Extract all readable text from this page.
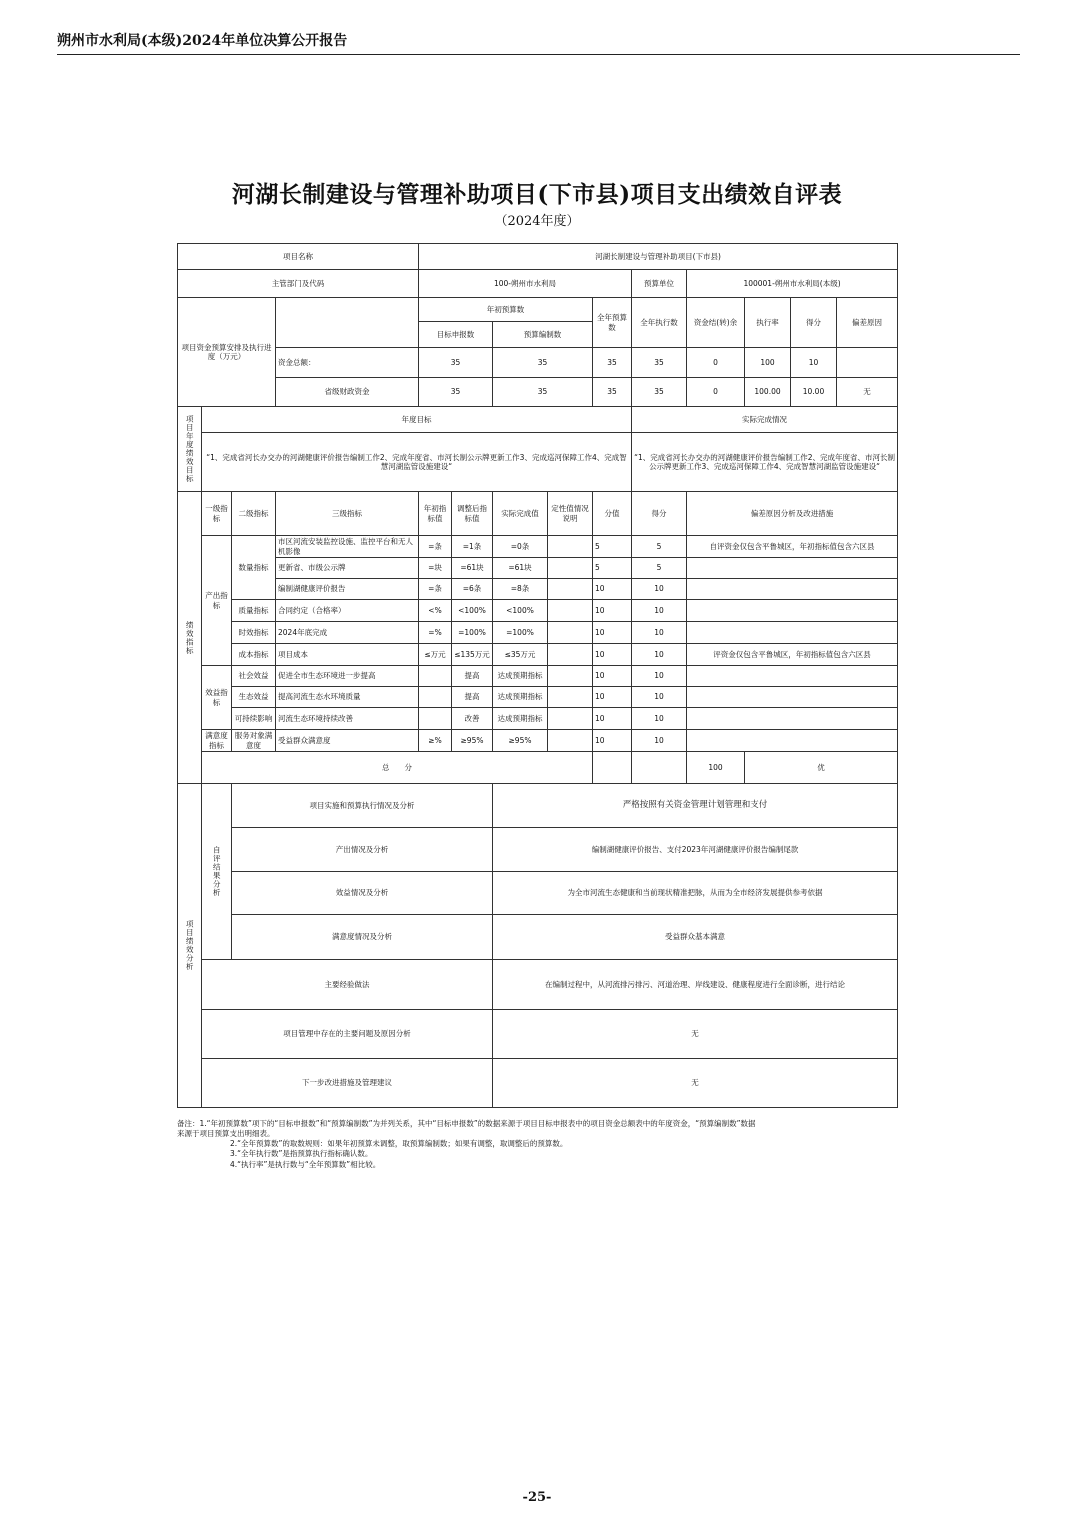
朔州市水利局(本级)2024年单位决算公开报告
河湖长制建设与管理补助项目(下市县)项目支出绩效自评表
（2024年度）
项目名称				河湖长制建设与管理补助项目(下市县)									
主管部门及代码				100-朔州市水利局					预算单位	100001-朔州市水利局(本级)			
项目资金预算安排及执行进度（万元）				年初预算数				全年预算数	全年执行数	资金结(转)余	执行率	得分	偏差原因
				目标申报数		预算编制数							
			资金总额：	35		35		35	35	0	100	10	
			省级财政资金	35		35		35	35	0	100.00	10.00	无
项目年度绩效目标	年度目标								实际完成情况				
	“1、完成省河长办交办的河湖健康评价报告编制工作2、完成年度省、市河长制公示牌更新工作3、完成巡河保障工作4、完成智慧河湖监管设施建设“								“1、完成省河长办交办的河湖健康评价报告编制工作2、完成年度省、市河长制公示牌更新工作3、完成巡河保障工作4、完成智慧河湖监管设施建设“				
绩效指标	一级指标	二级指标	三级指标	年初指标值	调整后指标值	实际完成值	定性值情况说明	分值	得分	偏差原因分析及改进措施			
	产出指标	数量指标	市区河流安装监控设施、监控平台和无人机影像	=条	=1条	=0条		5	5	自评资金仅包含平鲁城区，年初指标值包含六区县			
			更新省、市级公示牌	=块	=61块	=61块		5	5				
			编制湖健康评价报告	=条	=6条	=8条		10	10				
		质量指标	合同约定（合格率）	<%	<100%	<100%		10	10				
		时效指标	2024年底完成	=%	=100%	=100%		10	10				
		成本指标	项目成本	≤万元	≤135万元	≤35万元		10	10	评资金仅包含平鲁城区，年初指标值包含六区县			
	效益指标	社会效益	促进全市生态环境进一步提高		提高	达成预期指标		10	10				
		生态效益	提高河流生态水环境质量		提高	达成预期指标		10	10				
		可持续影响	河流生态环境持续改善		改善	达成预期指标		10	10				
	满意度指标	服务对象满意度	受益群众满意度	≥%	≥95%	≥95%		10	10				
	总　　分									100	优		
项目绩效分析	自评结果分析	项目实施和预算执行情况及分析				严格按照有关资金管理计划管理和支付							
		产出情况及分析				编制湖健康评价报告、支付2023年河湖健康评价报告编制尾款							
		效益情况及分析				为全市河流生态健康和当前现状精准把脉，从而为全市经济发展提供参考依据							
		满意度情况及分析				受益群众基本满意							
	主要经验做法					在编制过程中，从河流排污排污、河道治理、岸线建设、健康程度进行全面诊断，进行结论							
	项目管理中存在的主要问题及原因分析					无							
	下一步改进措施及管理建议					无							
备注：1.“年初预算数”项下的“目标申报数”和“预算编制数”为并列关系，其中“目标申报数”的数据来源于项目目标申报表中的项目资金总额表中的年度资金，“预算编制数”数据
来源于项目预算支出明细表。
2.“全年预算数”的取数规则：如果年初预算未调整，取预算编制数；如果有调整，取调整后的预算数。
3.“全年执行数”是指预算执行指标确认数。
4.“执行率”是执行数与“全年预算数”相比较。
-25-
